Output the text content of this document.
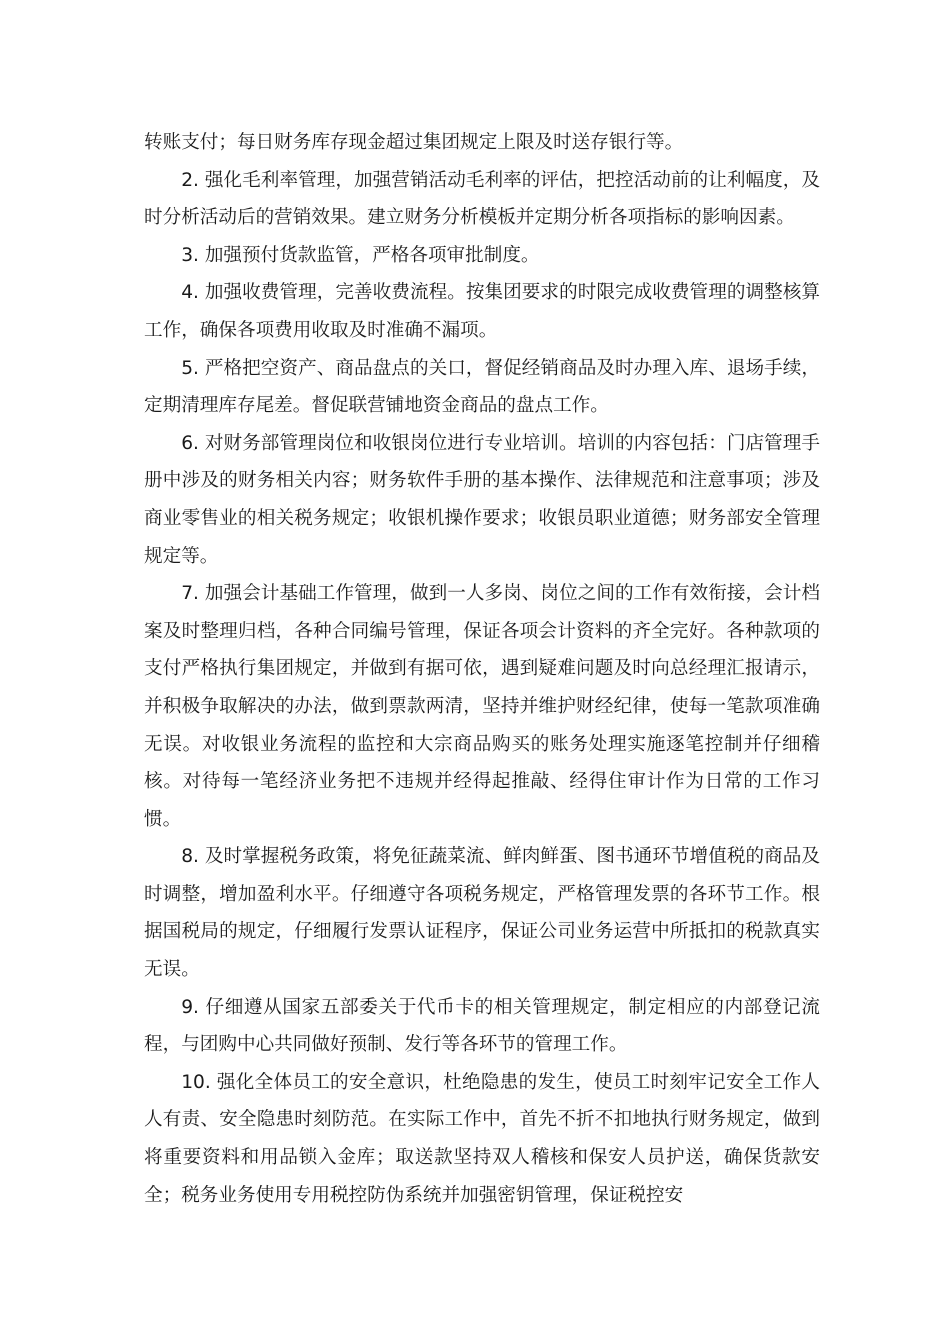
转账支付；每日财务库存现金超过集团规定上限及时送存银行等。

2. 强化毛利率管理，加强营销活动毛利率的评估，把控活动前的让利幅度，及时分析活动后的营销效果。建立财务分析模板并定期分析各项指标的影响因素。

3. 加强预付货款监管，严格各项审批制度。

4. 加强收费管理，完善收费流程。按集团要求的时限完成收费管理的调整核算工作，确保各项费用收取及时准确不漏项。

5. 严格把空资产、商品盘点的关口，督促经销商品及时办理入库、退场手续，定期清理库存尾差。督促联营铺地资金商品的盘点工作。

6. 对财务部管理岗位和收银岗位进行专业培训。培训的内容包括：门店管理手册中涉及的财务相关内容；财务软件手册的基本操作、法律规范和注意事项；涉及商业零售业的相关税务规定；收银机操作要求；收银员职业道德；财务部安全管理规定等。

7. 加强会计基础工作管理，做到一人多岗、岗位之间的工作有效衔接，会计档案及时整理归档，各种合同编号管理，保证各项会计资料的齐全完好。各种款项的支付严格执行集团规定，并做到有据可依，遇到疑难问题及时向总经理汇报请示，并积极争取解决的办法，做到票款两清，坚持并维护财经纪律，使每一笔款项准确无误。对收银业务流程的监控和大宗商品购买的账务处理实施逐笔控制并仔细稽核。对待每一笔经济业务把不违规并经得起推敲、经得住审计作为日常的工作习惯。

8. 及时掌握税务政策，将免征蔬菜流、鲜肉鲜蛋、图书通环节增值税的商品及时调整，增加盈利水平。仔细遵守各项税务规定，严格管理发票的各环节工作。根据国税局的规定，仔细履行发票认证程序，保证公司业务运营中所抵扣的税款真实无误。

9. 仔细遵从国家五部委关于代币卡的相关管理规定，制定相应的内部登记流程，与团购中心共同做好预制、发行等各环节的管理工作。

10. 强化全体员工的安全意识，杜绝隐患的发生，使员工时刻牢记安全工作人人有责、安全隐患时刻防范。在实际工作中，首先不折不扣地执行财务规定，做到将重要资料和用品锁入金库；取送款坚持双人稽核和保安人员护送，确保货款安全；税务业务使用专用税控防伪系统并加强密钥管理，保证税控安
